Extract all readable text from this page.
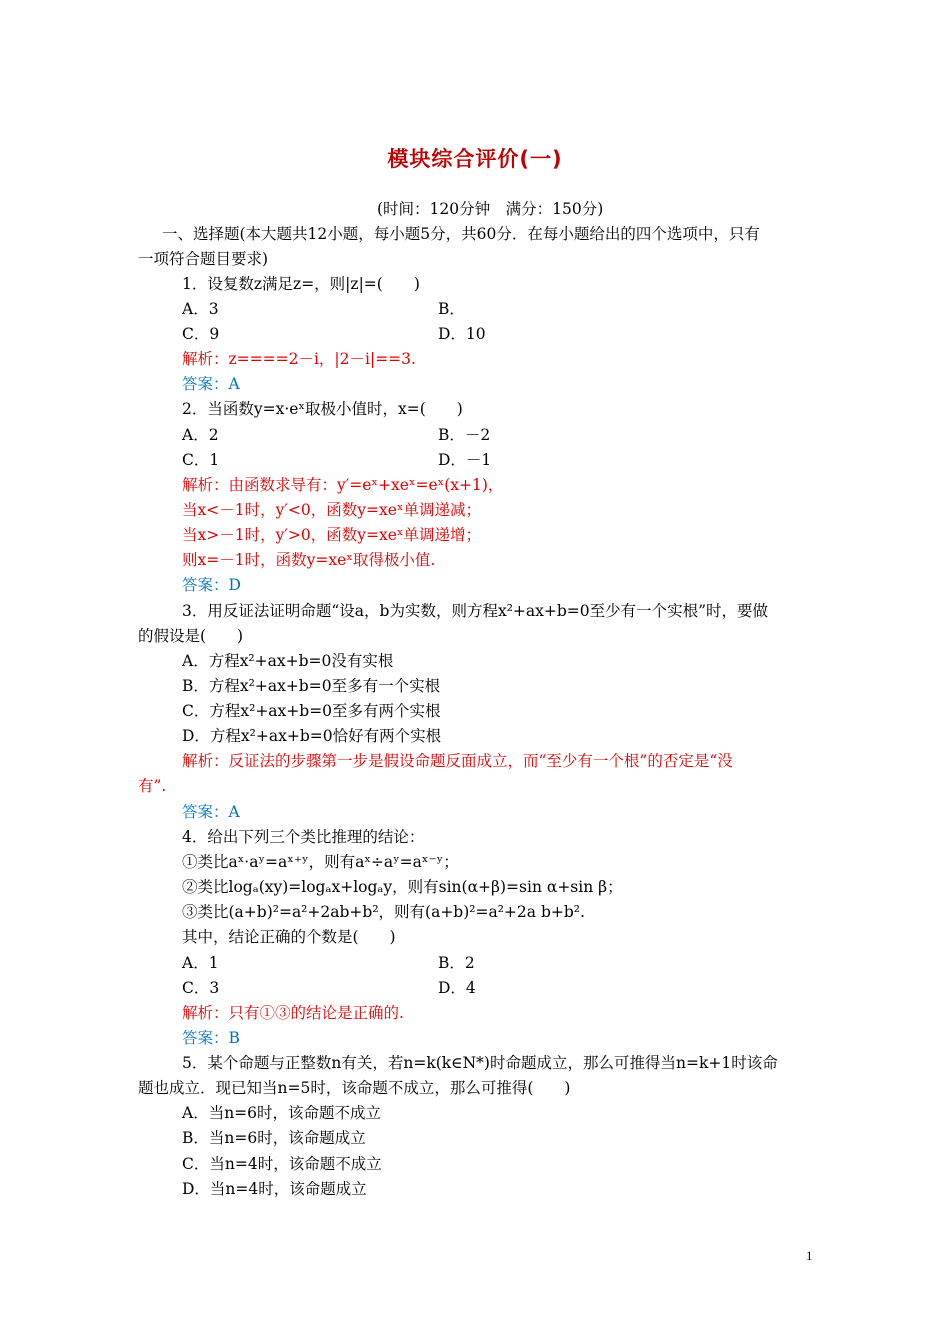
模块综合评价(一)
(时间：120分钟　满分：150分)
一、选择题(本大题共12小题，每小题5分，共60分．在每小题给出的四个选项中，只有
一项符合题目要求)
1．设复数z满足z=，则|z|=(　　)
A．3	B．
C．9	D．10
解析：z====2－i，|2－i|==3.
答案：A
2．当函数y=x·eˣ取极小值时，x=(　　)
A．2	B．－2
C．1	D．－1
解析：由函数求导有：y′=eˣ+xeˣ=eˣ(x+1)，
当x<－1时，y′<0，函数y=xeˣ单调递减；
当x>－1时，y′>0，函数y=xeˣ单调递增；
则x=－1时，函数y=xeˣ取得极小值.
答案：D
3．用反证法证明命题“设a，b为实数，则方程x²+ax+b=0至少有一个实根”时，要做
的假设是(　　)
A．方程x²+ax+b=0没有实根
B．方程x²+ax+b=0至多有一个实根
C．方程x²+ax+b=0至多有两个实根
D．方程x²+ax+b=0恰好有两个实根
解析：反证法的步骤第一步是假设命题反面成立，而“至少有一个根”的否定是“没
有”.
答案：A
4．给出下列三个类比推理的结论：
①类比aˣ·aʸ=aˣ⁺ʸ，则有aˣ÷aʸ=aˣ⁻ʸ；
②类比logₐ(xy)=logₐx+logₐy，则有sin(α+β)=sin α+sin β；
③类比(a+b)²=a²+2ab+b²，则有(a+b)²=a²+2a b+b².
其中，结论正确的个数是(　　)
A．1	B．2
C．3	D．4
解析：只有①③的结论是正确的.
答案：B
5．某个命题与正整数n有关，若n=k(k∈N*)时命题成立，那么可推得当n=k+1时该命
题也成立．现已知当n=5时，该命题不成立，那么可推得(　　)
A．当n=6时，该命题不成立
B．当n=6时，该命题成立
C．当n=4时，该命题不成立
D．当n=4时，该命题成立
1
